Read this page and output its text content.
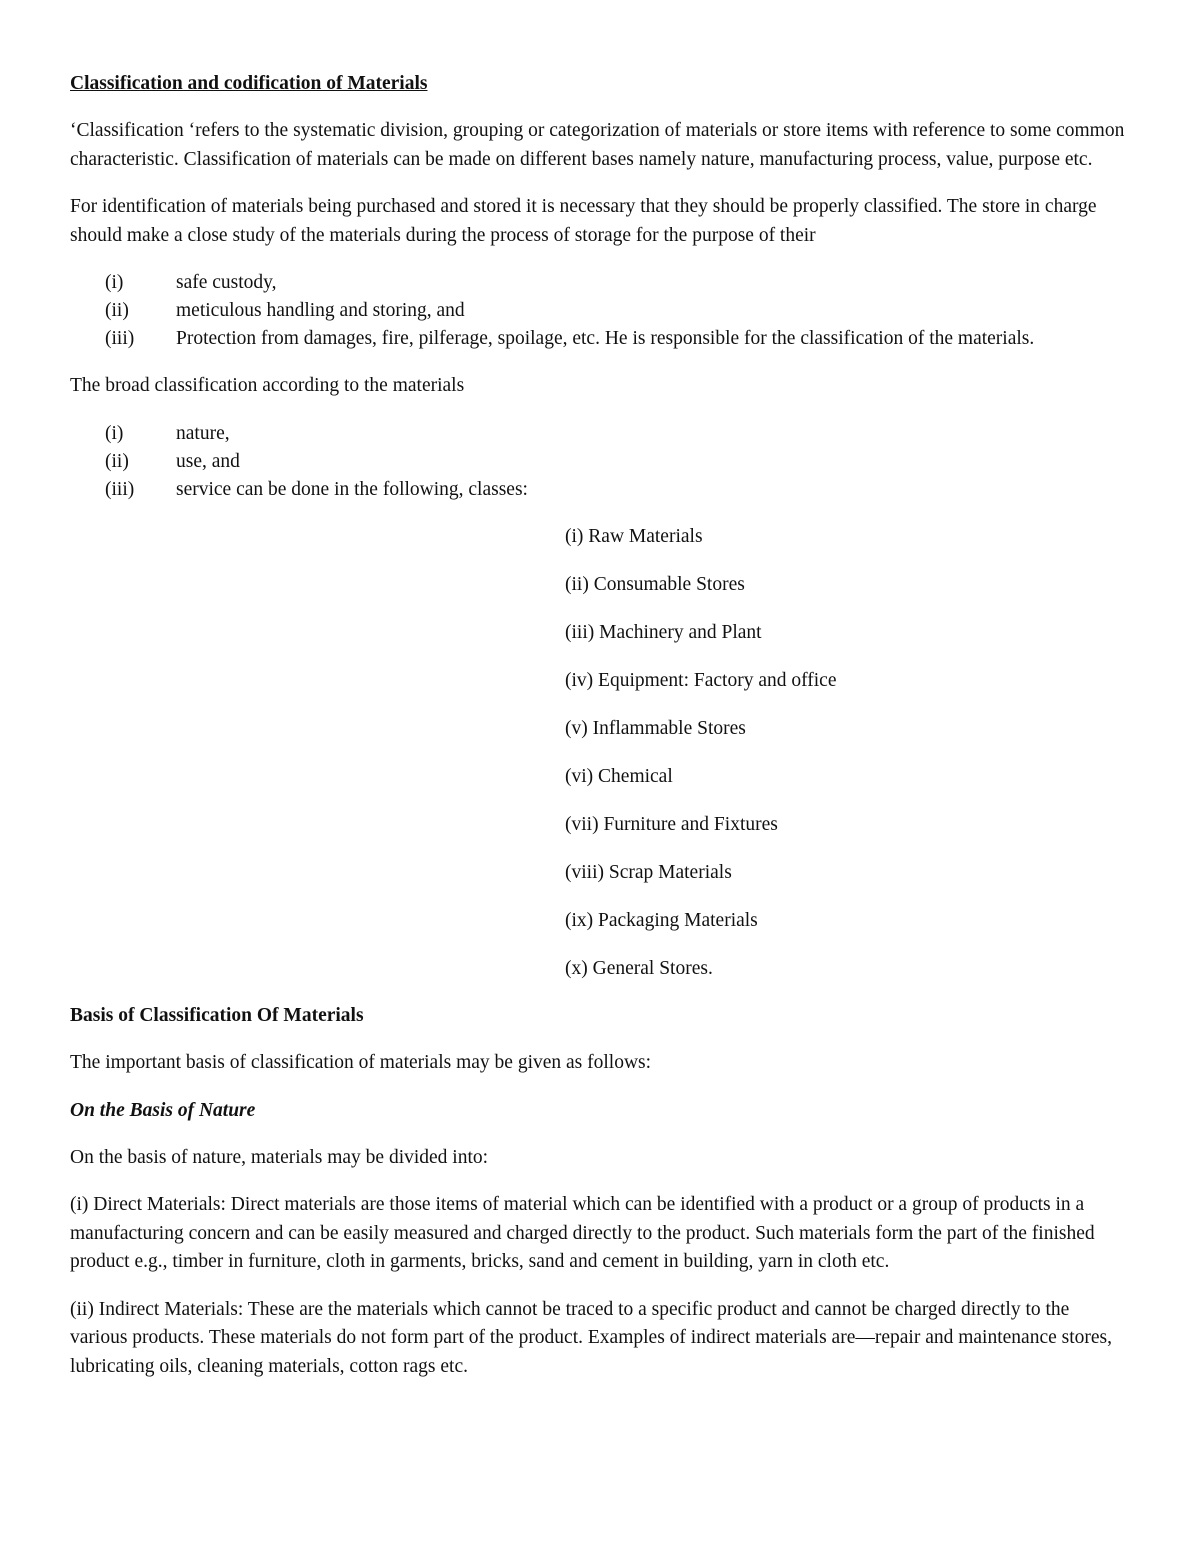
Classification and codification of Materials

‘Classification ‘refers to the systematic division, grouping or categorization of materials or store items with reference to some common characteristic. Classification of materials can be made on different bases namely nature, manufacturing process, value, purpose etc.

For identification of materials being purchased and stored it is necessary that they should be properly classified. The store in charge should make a close study of the materials during the process of storage for the purpose of their

(i)	safe custody,
(ii) meticulous handling and storing, and
(iii) Protection from damages, fire, pilferage, spoilage, etc. He is responsible for the classification of the materials.

The broad classification according to the materials

(i)	nature,
(ii) use, and
(iii) service can be done in the following, classes:
(i) Raw Materials
(ii) Consumable Stores
(iii) Machinery and Plant
(iv) Equipment: Factory and office
(v) Inflammable Stores
(vi) Chemical
(vii) Furniture and Fixtures
(viii) Scrap Materials
(ix) Packaging Materials
(x) General Stores.

Basis of Classification Of Materials

The important basis of classification of materials may be given as follows:

On the Basis of Nature

On the basis of nature, materials may be divided into:

(i) Direct Materials: Direct materials are those items of material which can be identified with a product or a group of products in a manufacturing concern and can be easily measured and charged directly to the product. Such materials form the part of the finished product e.g., timber in furniture, cloth in garments, bricks, sand and cement in building, yarn in cloth etc.

(ii) Indirect Materials: These are the materials which cannot be traced to a specific product and cannot be charged directly to the various products. These materials do not form part of the product. Examples of indirect materials are—repair and maintenance stores, lubricating oils, cleaning materials, cotton rags etc.
